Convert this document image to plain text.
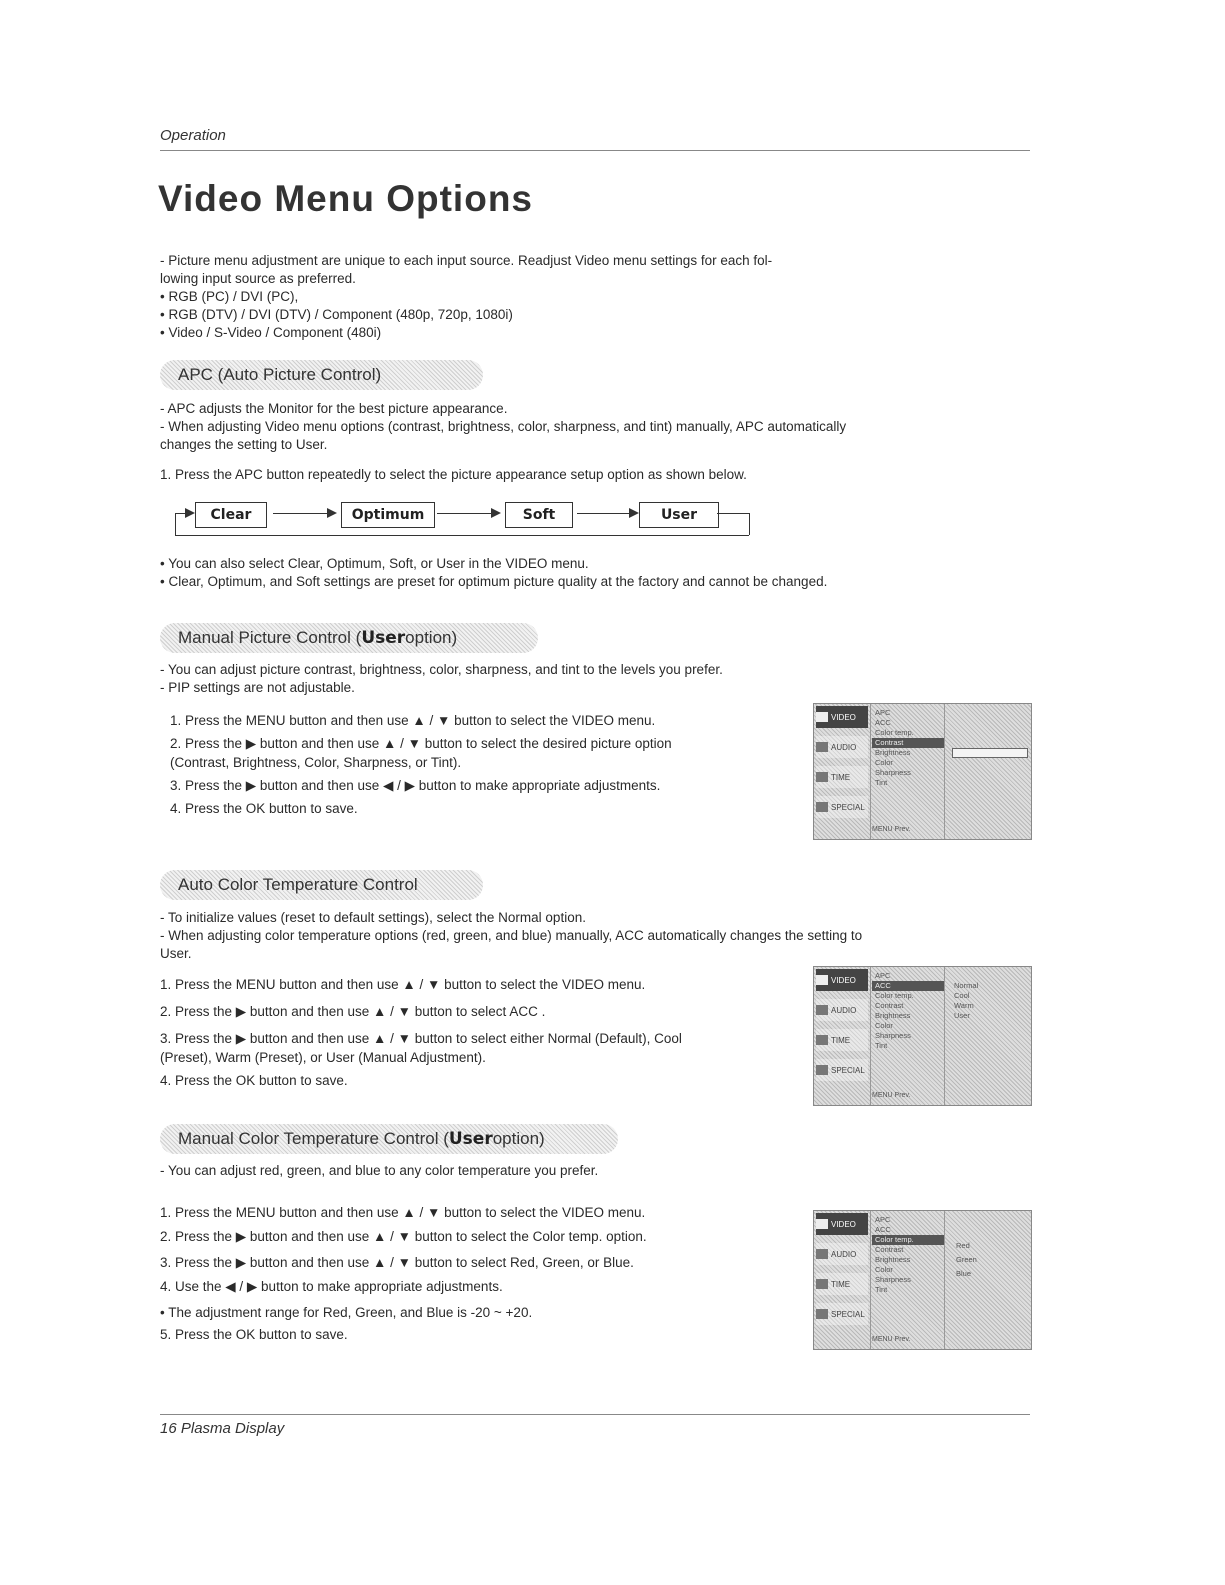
Operation
Video Menu Options
- Picture menu adjustment are unique to each input source. Readjust Video menu settings for each fol-
lowing input source as preferred.
• RGB (PC) / DVI (PC),
• RGB (DTV) / DVI (DTV) / Component (480p, 720p, 1080i)
• Video / S-Video / Component (480i)
APC (Auto Picture Control)
- APC adjusts the Monitor for the best picture appearance.
- When adjusting Video menu options (contrast, brightness, color, sharpness, and tint) manually, APC automatically
changes the setting to User.
1. Press the APC button repeatedly to select the picture appearance setup option as shown below.
Clear	Optimum	Soft	User
• You can also select Clear, Optimum, Soft, or User in the VIDEO menu.
• Clear, Optimum, and Soft settings are preset for optimum picture quality at the factory and cannot be changed.
Manual Picture Control ( User option)
- You can adjust picture contrast, brightness, color, sharpness, and tint to the levels you prefer.
- PIP settings are not adjustable.
1. Press the MENU button and then use ▲ / ▼ button to select the VIDEO menu.
2. Press the ▶ button and then use ▲ / ▼ button to select the desired picture option
(Contrast, Brightness, Color, Sharpness, or Tint).
3. Press the ▶ button and then use ◀ / ▶ button to make appropriate adjustments.
4. Press the OK button to save.
VIDEO
AUDIO
TIME
SPECIAL
APC
ACC
Color temp.
Contrast
Brightness
Color
Sharpness
Tint
MENU Prev.
Auto Color Temperature Control
- To initialize values (reset to default settings), select the Normal option.
- When adjusting color temperature options (red, green, and blue) manually, ACC automatically changes the setting to
User.
1. Press the MENU button and then use ▲ / ▼ button to select the VIDEO menu.
2. Press the ▶ button and then use ▲ / ▼ button to select ACC .
3. Press the ▶ button and then use ▲ / ▼ button to select either Normal (Default), Cool
(Preset), Warm (Preset), or User (Manual Adjustment).
4. Press the OK button to save.
VIDEO
AUDIO
TIME
SPECIAL
APC
ACC
Color temp.
Contrast
Brightness
Color
Sharpness
Tint
Normal
Cool
Warm
User
MENU Prev.
Manual Color Temperature Control ( User option)
- You can adjust red, green, and blue to any color temperature you prefer.
1. Press the MENU button and then use ▲ / ▼ button to select the VIDEO menu.
2. Press the ▶ button and then use ▲ / ▼ button to select the Color temp. option.
3. Press the ▶ button and then use ▲ / ▼ button to select Red, Green, or Blue.
4. Use the ◀ / ▶ button to make appropriate adjustments.
• The adjustment range for Red, Green, and Blue is -20 ~ +20.
5. Press the OK button to save.
VIDEO
AUDIO
TIME
SPECIAL
APC
ACC
Color temp.
Contrast
Brightness
Color
Sharpness
Tint
Red
Green
Blue
MENU Prev.
16 Plasma Display
